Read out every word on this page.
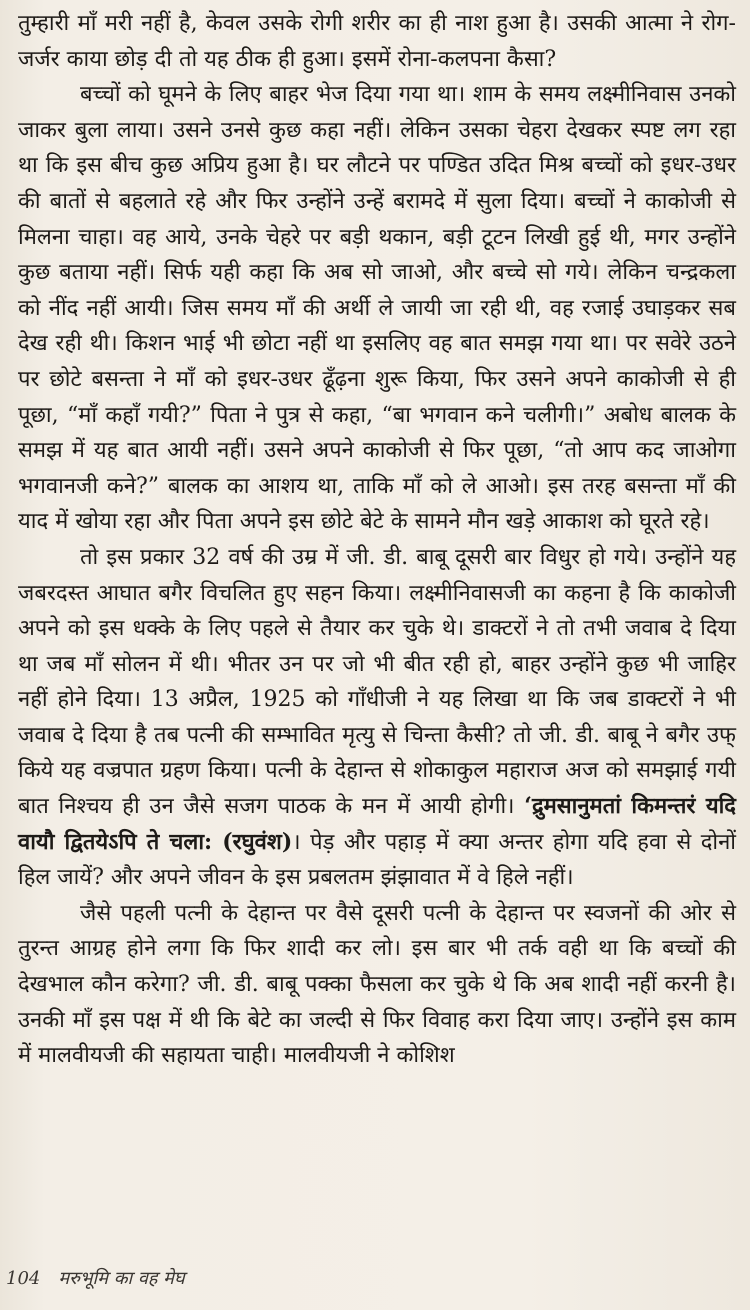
तुम्हारी माँ मरी नहीं है, केवल उसके रोगी शरीर का ही नाश हुआ है। उसकी आत्मा ने रोग-जर्जर काया छोड़ दी तो यह ठीक ही हुआ। इसमें रोना-कलपना कैसा?

बच्चों को घूमने के लिए बाहर भेज दिया गया था। शाम के समय लक्ष्मीनिवास उनको जाकर बुला लाया। उसने उनसे कुछ कहा नहीं। लेकिन उसका चेहरा देखकर स्पष्ट लग रहा था कि इस बीच कुछ अप्रिय हुआ है। घर लौटने पर पण्डित उदित मिश्र बच्चों को इधर-उधर की बातों से बहलाते रहे और फिर उन्होंने उन्हें बरामदे में सुला दिया। बच्चों ने काकोजी से मिलना चाहा। वह आये, उनके चेहरे पर बड़ी थकान, बड़ी टूटन लिखी हुई थी, मगर उन्होंने कुछ बताया नहीं। सिर्फ यही कहा कि अब सो जाओ, और बच्चे सो गये। लेकिन चन्द्रकला को नींद नहीं आयी। जिस समय माँ की अर्थी ले जायी जा रही थी, वह रजाई उघाड़कर सब देख रही थी। किशन भाई भी छोटा नहीं था इसलिए वह बात समझ गया था। पर सवेरे उठने पर छोटे बसन्ता ने माँ को इधर-उधर ढूँढ़ना शुरू किया, फिर उसने अपने काकोजी से ही पूछा, “माँ कहाँ गयी?” पिता ने पुत्र से कहा, “बा भगवान कने चलीगी।” अबोध बालक के समझ में यह बात आयी नहीं। उसने अपने काकोजी से फिर पूछा, “तो आप कद जाओगा भगवानजी कने?” बालक का आशय था, ताकि माँ को ले आओ। इस तरह बसन्ता माँ की याद में खोया रहा और पिता अपने इस छोटे बेटे के सामने मौन खड़े आकाश को घूरते रहे।

तो इस प्रकार 32 वर्ष की उम्र में जी. डी. बाबू दूसरी बार विधुर हो गये। उन्होंने यह जबरदस्त आघात बगैर विचलित हुए सहन किया। लक्ष्मीनिवासजी का कहना है कि काकोजी अपने को इस धक्के के लिए पहले से तैयार कर चुके थे। डाक्टरों ने तो तभी जवाब दे दिया था जब माँ सोलन में थी। भीतर उन पर जो भी बीत रही हो, बाहर उन्होंने कुछ भी जाहिर नहीं होने दिया। 13 अप्रैल, 1925 को गाँधीजी ने यह लिखा था कि जब डाक्टरों ने भी जवाब दे दिया है तब पत्नी की सम्भावित मृत्यु से चिन्ता कैसी? तो जी. डी. बाबू ने बगैर उफ् किये यह वज्रपात ग्रहण किया। पत्नी के देहान्त से शोकाकुल महाराज अज को समझाई गयी बात निश्चय ही उन जैसे सजग पाठक के मन में आयी होगी। ‘द्रुमसानुमतां किमन्तरं यदि वायौ द्वितयेऽपि ते चला: (रघुवंश)। पेड़ और पहाड़ में क्या अन्तर होगा यदि हवा से दोनों हिल जायें? और अपने जीवन के इस प्रबलतम झंझावात में वे हिले नहीं।

जैसे पहली पत्नी के देहान्त पर वैसे दूसरी पत्नी के देहान्त पर स्वजनों की ओर से तुरन्त आग्रह होने लगा कि फिर शादी कर लो। इस बार भी तर्क वही था कि बच्चों की देखभाल कौन करेगा? जी. डी. बाबू पक्का फैसला कर चुके थे कि अब शादी नहीं करनी है। उनकी माँ इस पक्ष में थी कि बेटे का जल्दी से फिर विवाह करा दिया जाए। उन्होंने इस काम में मालवीयजी की सहायता चाही। मालवीयजी ने कोशिश

104 मरुभूमि का वह मेघ
